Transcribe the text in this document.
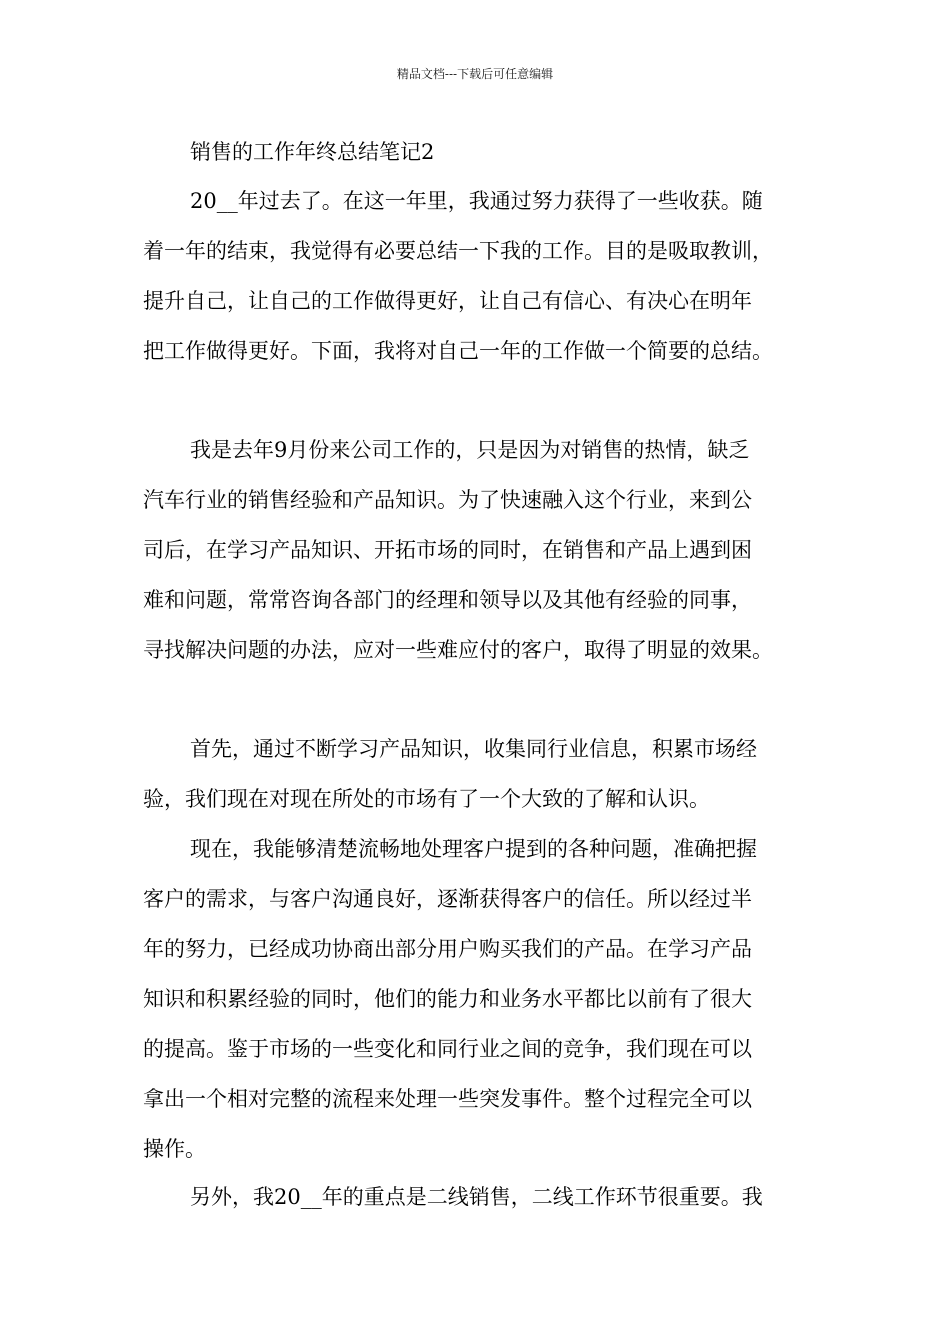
精品文档---下载后可任意编辑
销售的工作年终总结笔记2
20__年过去了。在这一年里，我通过努力获得了一些收获。随
着一年的结束，我觉得有必要总结一下我的工作。目的是吸取教训，
提升自己，让自己的工作做得更好，让自己有信心、有决心在明年
把工作做得更好。下面，我将对自己一年的工作做一个简要的总结。
我是去年9月份来公司工作的，只是因为对销售的热情，缺乏
汽车行业的销售经验和产品知识。为了快速融入这个行业，来到公
司后，在学习产品知识、开拓市场的同时，在销售和产品上遇到困
难和问题，常常咨询各部门的经理和领导以及其他有经验的同事，
寻找解决问题的办法，应对一些难应付的客户，取得了明显的效果。
首先，通过不断学习产品知识，收集同行业信息，积累市场经
验，我们现在对现在所处的市场有了一个大致的了解和认识。
现在，我能够清楚流畅地处理客户提到的各种问题，准确把握
客户的需求，与客户沟通良好，逐渐获得客户的信任。所以经过半
年的努力，已经成功协商出部分用户购买我们的产品。在学习产品
知识和积累经验的同时，他们的能力和业务水平都比以前有了很大
的提高。鉴于市场的一些变化和同行业之间的竞争，我们现在可以
拿出一个相对完整的流程来处理一些突发事件。整个过程完全可以
操作。
另外，我20__年的重点是二线销售，二线工作环节很重要。我
